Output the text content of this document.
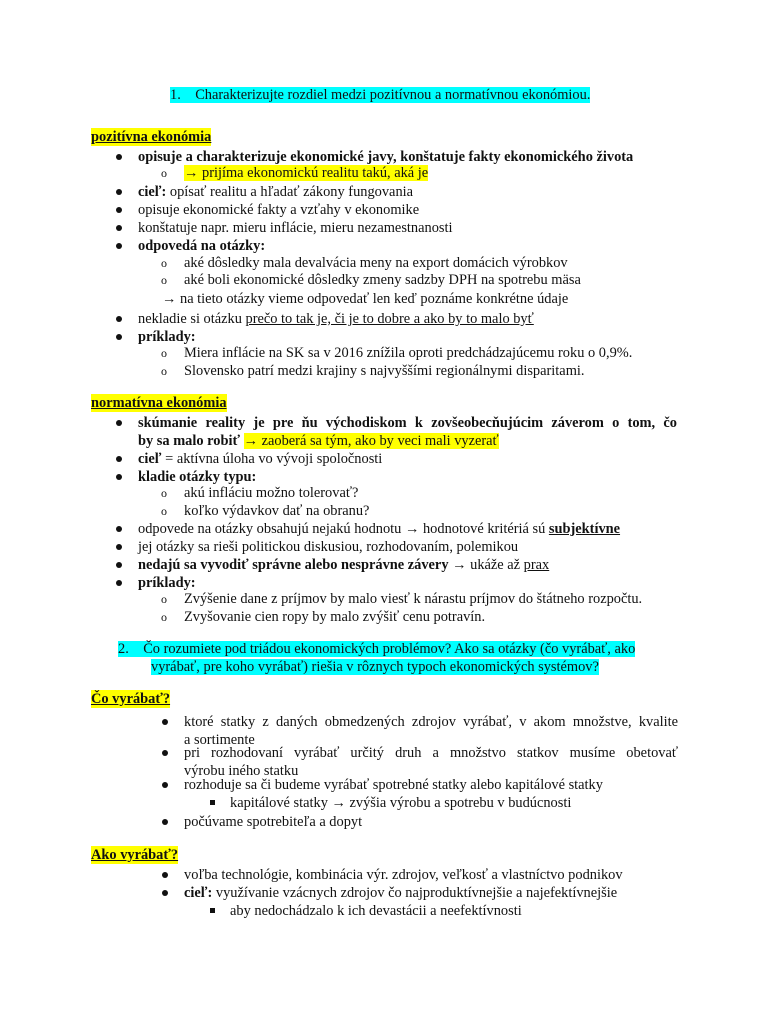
1. Charakterizujte rozdiel medzi pozitívnou a normatívnou ekonómiou.
pozitívna ekonómia
opisuje a charakterizuje ekonomické javy, konštatuje fakty ekonomického života
o → prijíma ekonomickú realitu takú, aká je
cieľ: opísať realitu a hľadať zákony fungovania
opisuje ekonomické fakty a vzťahy v ekonomike
konštatuje napr. mieru inflácie, mieru nezamestnanosti
odpovedá na otázky:
o aké dôsledky mala devalvácia meny na export domácich výrobkov
o aké boli ekonomické dôsledky zmeny sadzby DPH na spotrebu mäsa
→ na tieto otázky vieme odpovedať len keď poznáme konkrétne údaje
nekladie si otázku prečo to tak je, či je to dobre a ako by to malo byť
príklady:
o Miera inflácie na SK sa v 2016 znížila oproti predchádzajúcemu roku o 0,9%.
o Slovensko patrí medzi krajiny s najvyššími regionálnymi disparitami.
normatívna ekonómia
skúmanie reality je pre ňu východiskom k zovšeobecňujúcim záverom o tom, čo
by sa malo robiť → zaoberá sa tým, ako by veci mali vyzerať
cieľ = aktívna úloha vo vývoji spoločnosti
kladie otázky typu:
o akú infláciu možno tolerovať?
o koľko výdavkov dať na obranu?
odpovede na otázky obsahujú nejakú hodnotu → hodnotové kritériá sú subjektívne
jej otázky sa rieši politickou diskusiou, rozhodovaním, polemikou
nedajú sa vyvodiť správne alebo nesprávne závery → ukáže až prax
príklady:
o Zvýšenie dane z príjmov by malo viesť k nárastu príjmov do štátneho rozpočtu.
o Zvyšovanie cien ropy by malo zvýšiť cenu potravín.
2. Čo rozumiete pod triádou ekonomických problémov? Ako sa otázky (čo vyrábať, ako
vyrábať, pre koho vyrábať) riešia v rôznych typoch ekonomických systémov?
Čo vyrábať?
ktoré statky z daných obmedzených zdrojov vyrábať, v akom množstve, kvalite
a sortimente
pri rozhodovaní vyrábať určitý druh a množstvo statkov musíme obetovať
výrobu iného statku
rozhoduje sa či budeme vyrábať spotrebné statky alebo kapitálové statky
kapitálové statky → zvýšia výrobu a spotrebu v budúcnosti
počúvame spotrebiteľa a dopyt
Ako vyrábať?
voľba technológie, kombinácia výr. zdrojov, veľkosť a vlastníctvo podnikov
cieľ: využívanie vzácnych zdrojov čo najproduktívnejšie a najefektívnejšie
aby nedochádzalo k ich devastácii a neefektívnosti
